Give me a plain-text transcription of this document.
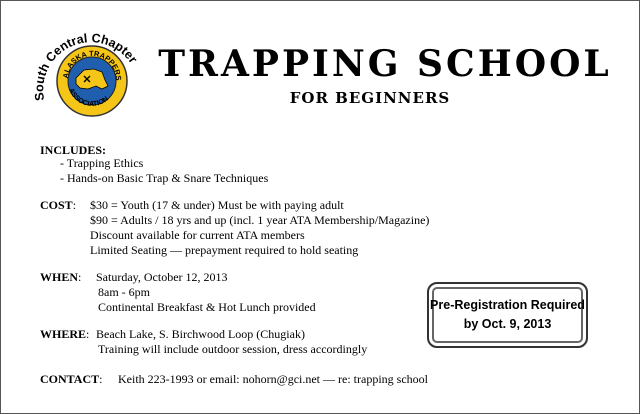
South Central Chapter
ALASKA TRAPPERS
ASSOCIATION
TRAPPING SCHOOL
FOR BEGINNERS
INCLUDES:
- Trapping Ethics
- Hands-on Basic Trap & Snare Techniques
COST: $30 = Youth (17 & under) Must be with paying adult
$90 = Adults / 18 yrs and up (incl. 1 year ATA Membership/Magazine)
Discount available for current ATA members
Limited Seating — prepayment required to hold seating
WHEN: Saturday, October 12, 2013
8am - 6pm
Continental Breakfast & Hot Lunch provided
WHERE: Beach Lake, S. Birchwood Loop (Chugiak)
Training will include outdoor session, dress accordingly
CONTACT: Keith 223-1993 or email: nohorn@gci.net — re: trapping school
Pre-Registration Required
by Oct. 9, 2013
